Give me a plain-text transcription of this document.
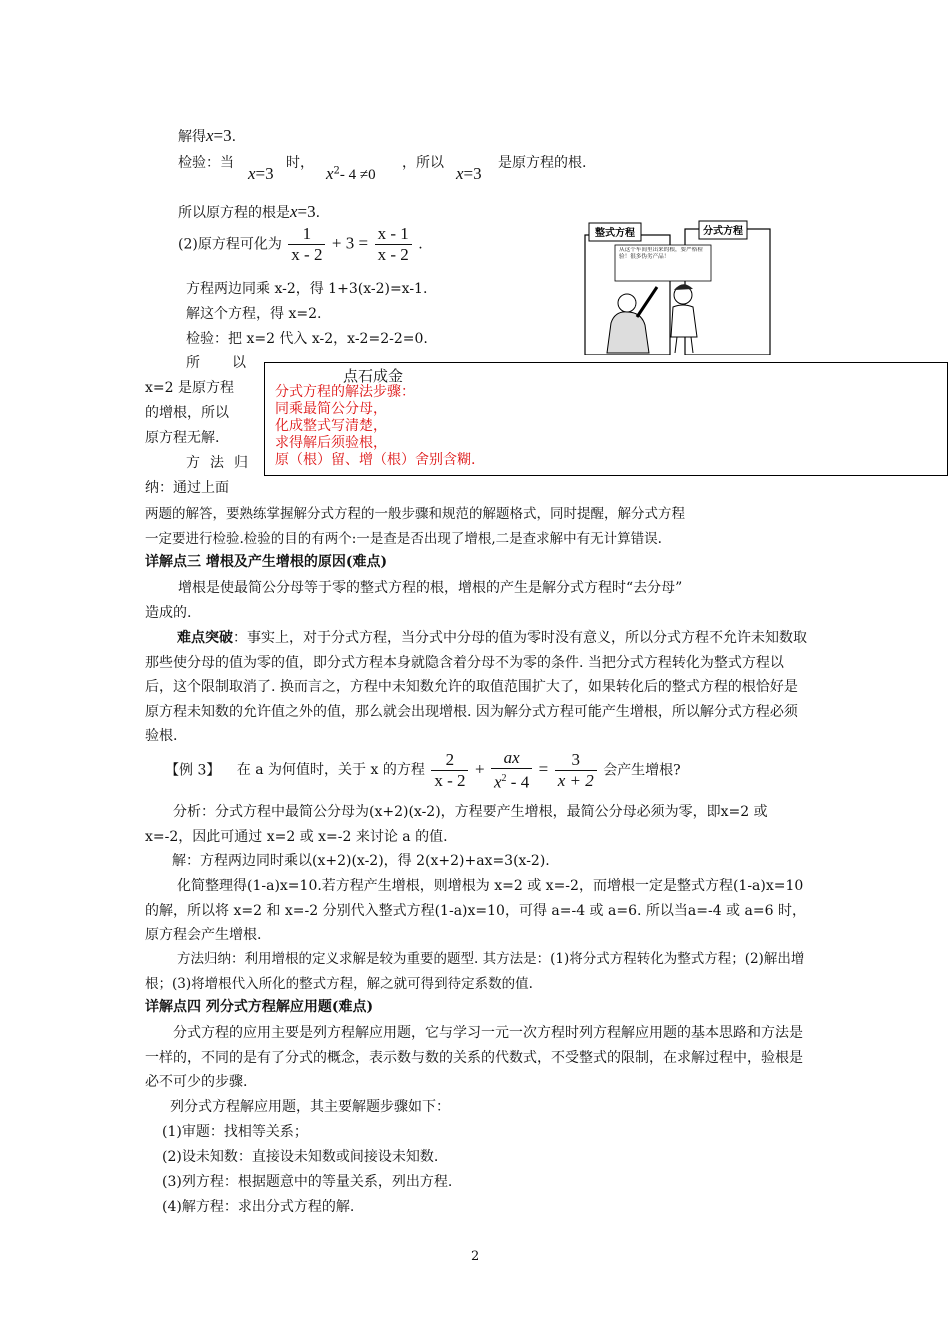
解得x=3.
检验：当
x=3
时，
$x^2-$ 4 ≠0
，所以
x=3
是原方程的根.
所以原方程的根是x=3.
(2)原方程可化为 $\frac{1}{x - 2} + 3 = \frac{x - 1}{x - 2}$ .
方程两边同乘 x-2，得 1+3(x-2)=x-1.
解这个方程，得 x=2.
检验：把 x=2 代入 x-2，x-2=2-2=0.
所 以
x=2 是原方程
的增根，所以
原方程无解.
方 法 归
纳：通过上面
两题的解答，要熟练掌握解分式方程的一般步骤和规范的解题格式，同时提醒，解分式方程
一定要进行检验.检验的目的有两个:一是查是否出现了增根,二是查求解中有无计算错误.
整式方程	分式方程
从这个车间里出来的根，要严格检验！很多伪劣产品！
点石成金
分式方程的解法步骤：
同乘最简公分母，
化成整式写清楚，
求得解后须验根，
原（根）留、增（根）舍别含糊.
详解点三 增根及产生增根的原因(难点)
增根是使最简公分母等于零的整式方程的根，增根的产生是解分式方程时“去分母”
造成的.
难点突破：事实上，对于分式方程，当分式中分母的值为零时没有意义，所以分式方程不允许未知数取那些使分母的值为零的值，即分式方程本身就隐含着分母不为零的条件. 当把分式方程转化为整式方程以后，这个限制取消了. 换而言之，方程中未知数允许的取值范围扩大了，如果转化后的整式方程的根恰好是原方程未知数的允许值之外的值，那么就会出现增根. 因为解分式方程可能产生增根，所以解分式方程必须验根.
【例 3】 在 a 为何值时，关于 x 的方程 $\frac{2}{x - 2} + \frac{ax}{x^2 - 4} = \frac{3}{x + 2}$ 会产生增根?
分析：分式方程中最简公分母为(x+2)(x-2)，方程要产生增根，最简公分母必须为零，即x=2 或 x=-2，因此可通过 x=2 或 x=-2 来讨论 a 的值.
解：方程两边同时乘以(x+2)(x-2)，得 2(x+2)+ax=3(x-2).
化简整理得(1-a)x=10.若方程产生增根，则增根为 x=2 或 x=-2，而增根一定是整式方程(1-a)x=10 的解，所以将 x=2 和 x=-2 分别代入整式方程(1-a)x=10，可得 a=-4 或 a=6. 所以当a=-4 或 a=6 时，原方程会产生增根.
方法归纳：利用增根的定义求解是较为重要的题型. 其方法是：(1)将分式方程转化为整式方程；(2)解出增根；(3)将增根代入所化的整式方程，解之就可得到待定系数的值.
详解点四 列分式方程解应用题(难点)
分式方程的应用主要是列方程解应用题，它与学习一元一次方程时列方程解应用题的基本思路和方法是一样的，不同的是有了分式的概念，表示数与数的关系的代数式，不受整式的限制，在求解过程中，验根是必不可少的步骤.
列分式方程解应用题，其主要解题步骤如下：
(1)审题：找相等关系；
(2)设未知数：直接设未知数或间接设未知数.
(3)列方程：根据题意中的等量关系，列出方程.
(4)解方程：求出分式方程的解.
2
